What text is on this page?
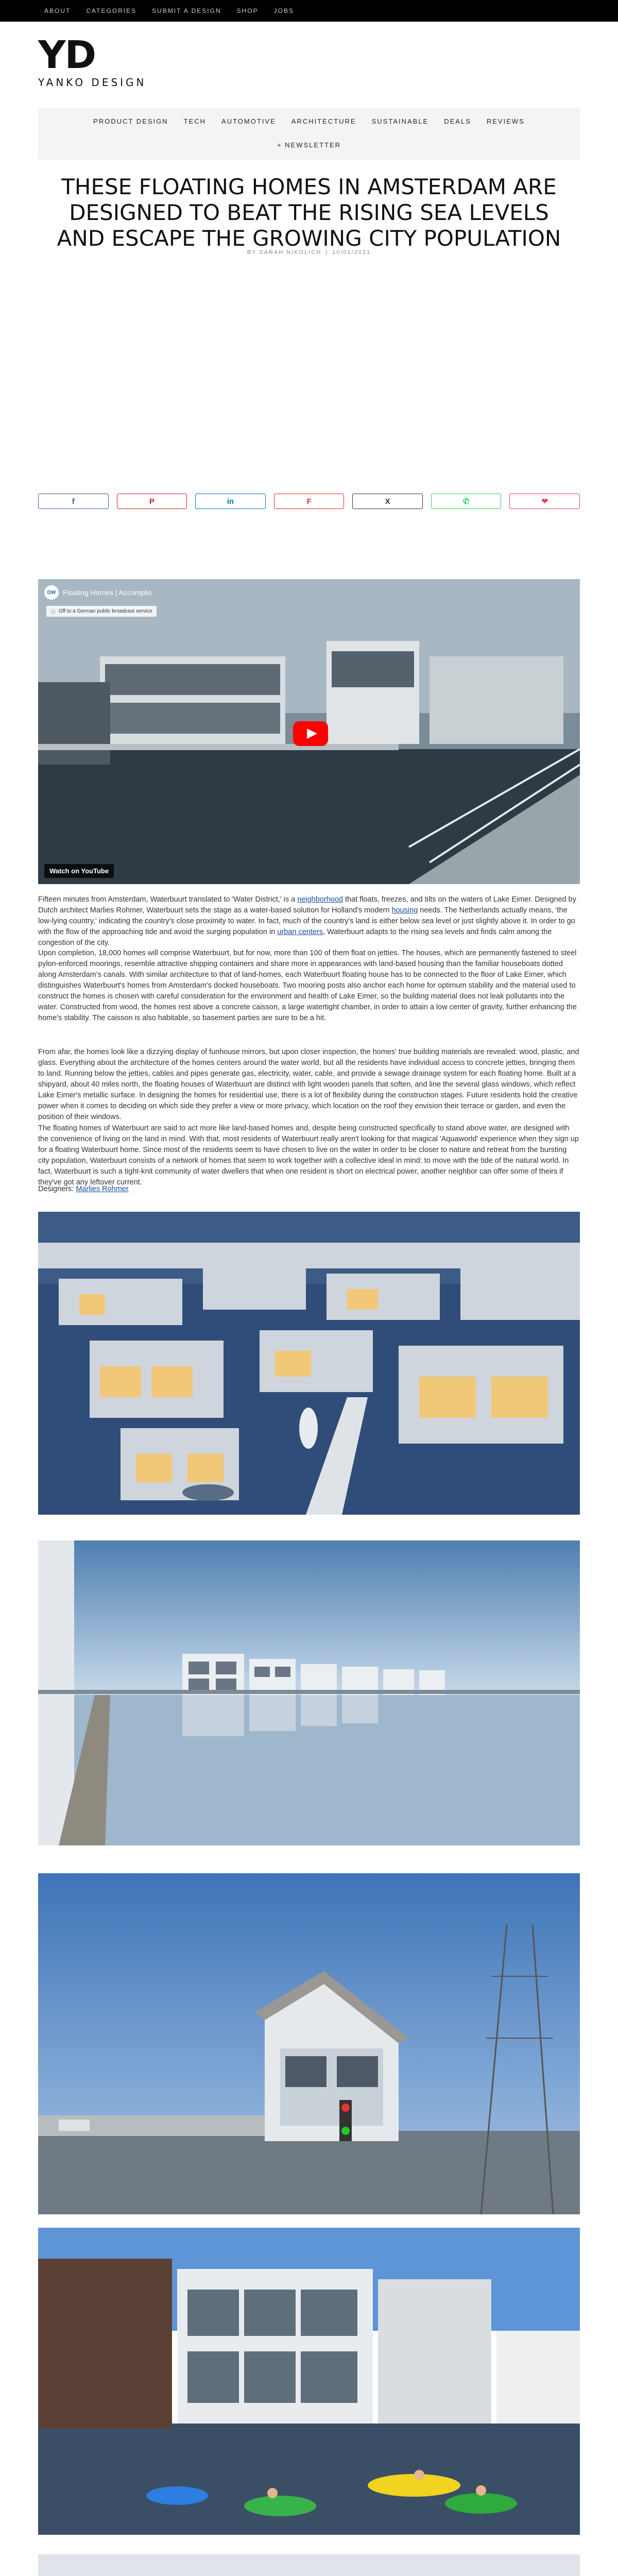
ABOUT	CATEGORIES	SUBMIT A DESIGN	SHOP	JOBS
YD
YANKO DESIGN
PRODUCT DESIGN TECH AUTOMOTIVE ARCHITECTURE SUSTAINABLE DEALS REVIEWS
+ NEWSLETTER
THESE FLOATING HOMES IN AMSTERDAM ARE DESIGNED TO BEAT THE RISING SEA LEVELS AND ESCAPE THE GROWING CITY POPULATION
BY SARAH NIKOLICH | 10/01/2021
f	P	in	F	X	✆	❤
DW Floating Homes | Accomplis
ⓘ Off to a German public broadcast service
Watch on YouTube

Fifteen minutes from Amsterdam, Waterbuurt translated to 'Water District,' is a neighborhood that floats, freezes, and tilts on the waters of Lake Eimer. Designed by Dutch architect Marlies Rohmer, Waterbuurt sets the stage as a water-based solution for Holland's modern housing needs. The Netherlands actually means, 'the low-lying country,' indicating the country's close proximity to water. In fact, much of the country's land is either below sea level or just slightly above it. In order to go with the flow of the approaching tide and avoid the surging population in urban centers, Waterbuurt adapts to the rising sea levels and finds calm among the congestion of the city.

Upon completion, 18,000 homes will comprise Waterbuurt, but for now, more than 100 of them float on jetties. The houses, which are permanently fastened to steel pylon-enforced moorings, resemble attractive shipping containers and share more in appearances with land-based housing than the familiar houseboats dotted along Amsterdam's canals. With similar architecture to that of land-homes, each Waterbuurt floating house has to be connected to the floor of Lake Eimer, which distinguishes Waterbuurt's homes from Amsterdam's docked houseboats. Two mooring posts also anchor each home for optimum stability and the material used to construct the homes is chosen with careful consideration for the environment and health of Lake Eimer, so the building material does not leak pollutants into the water. Constructed from wood, the homes rest above a concrete caisson, a large watertight chamber, in order to attain a low center of gravity, further enhancing the home's stability. The caisson is also habitable, so basement parties are sure to be a hit.

From afar, the homes look like a dizzying display of funhouse mirrors, but upon closer inspection, the homes' true building materials are revealed: wood, plastic, and glass. Everything about the architecture of the homes centers around the water world, but all the residents have individual access to concrete jetties, bringing them to land. Running below the jetties, cables and pipes generate gas, electricity, water, cable, and provide a sewage drainage system for each floating home. Built at a shipyard, about 40 miles north, the floating houses of Waterbuurt are distinct with light wooden panels that soften, and line the several glass windows, which reflect Lake Eimer's metallic surface. In designing the homes for residential use, there is a lot of flexibility during the construction stages. Future residents hold the creative power when it comes to deciding on which side they prefer a view or more privacy, which location on the roof they envision their terrace or garden, and even the position of their windows.

The floating homes of Waterbuurt are said to act more like land-based homes and, despite being constructed specifically to stand above water, are designed with the convenience of living on the land in mind. With that, most residents of Waterbuurt really aren't looking for that magical 'Aquaworld' experience when they sign up for a floating Waterbuurt home. Since most of the residents seem to have chosen to live on the water in order to be closer to nature and retreat from the bursting city population, Waterbuurt consists of a network of homes that seem to work together with a collective ideal in mind: to move with the tide of the natural world. In fact, Waterbuurt is such a tight-knit community of water dwellers that when one resident is short on electrical power, another neighbor can offer some of theirs if they've got any leftover current.

Designers: Marlies Rohmer
